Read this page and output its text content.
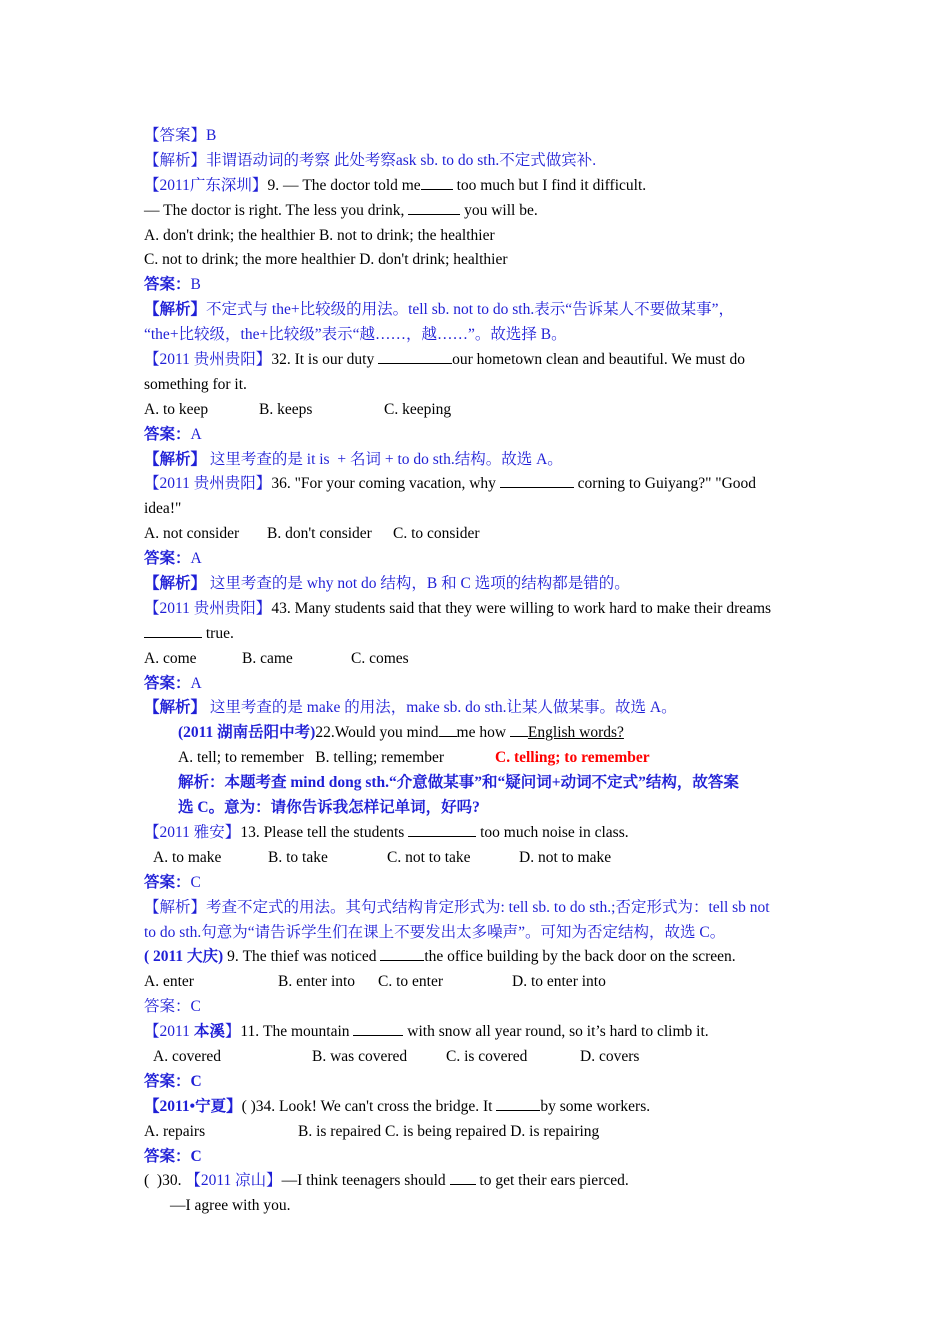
【答案】B
【解析】非谓语动词的考察 此处考察ask sb. to do sth.不定式做宾补.
【2011广东深圳】9. — The doctor told me too much but I find it difficult.
— The doctor is right. The less you drink,	you will be.
A. don't drink; the healthier B. not to drink; the healthier
C. not to drink; the more healthier D. don't drink; healthier
答案：B
【解析】不定式与 the+比较级的用法。tell sb. not to do sth.表示“告诉某人不要做某事”，
“the+比较级，the+比较级”表示“越……，越……”。故选择 B。
【2011 贵州贵阳】32. It is our duty	our hometown clean and beautiful. We must do
something for it.
A. to keep	B. keeps	C. keeping
答案：A
【解析】 这里考查的是 it is  + 名词 + to do sth.结构。故选 A。
【2011 贵州贵阳】36. "For your coming vacation, why	corning to Guiyang?" "Good
idea!"
A. not consider B. don't consider C. to consider
答案：A
【解析】 这里考查的是 why not do 结构，B 和 C 选项的结构都是错的。
【2011 贵州贵阳】43. Many students said that they were willing to work hard to make their dreams
true.
A. come	B. came	C. comes
答案：A
【解析】 这里考查的是 make 的用法，make sb. do sth.让某人做某事。故选 A。
(2011 湖南岳阳中考)22.Would you mind me how English words?
A. tell; to remember   B. telling; remember	C. telling; to remember
解析：本题考查 mind dong sth.“介意做某事”和“疑问词+动词不定式”结构，故答案
选 C。意为：请你告诉我怎样记单词，好吗?
【2011 雅安】13. Please tell the students	too much noise in class.
A. to make	B. to take	C. not to take	D. not to make
答案：C
【解析】考查不定式的用法。其句式结构肯定形式为: tell sb. to do sth.;否定形式为：tell sb not
to do sth.句意为“请告诉学生们在课上不要发出太多噪声”。可知为否定结构，故选 C。
( 2011 大庆) 9. The thief was noticed	the office building by the back door on the screen.
A. enter	B. enter into C. to enter	D. to enter into
答案：C
【2011 本溪】11. The mountain	with snow all year round, so it’s hard to climb it.
A. covered	B. was covered	C. is covered	D. covers
答案：C
【2011•宁夏】( )34. Look! We can't cross the bridge. It	by some workers.
A. repairs	B. is repaired C. is being repaired D. is repairing
答案：C
(  )30. 【2011 凉山】—I think teenagers should  to get their ears pierced.
—I agree with you.
